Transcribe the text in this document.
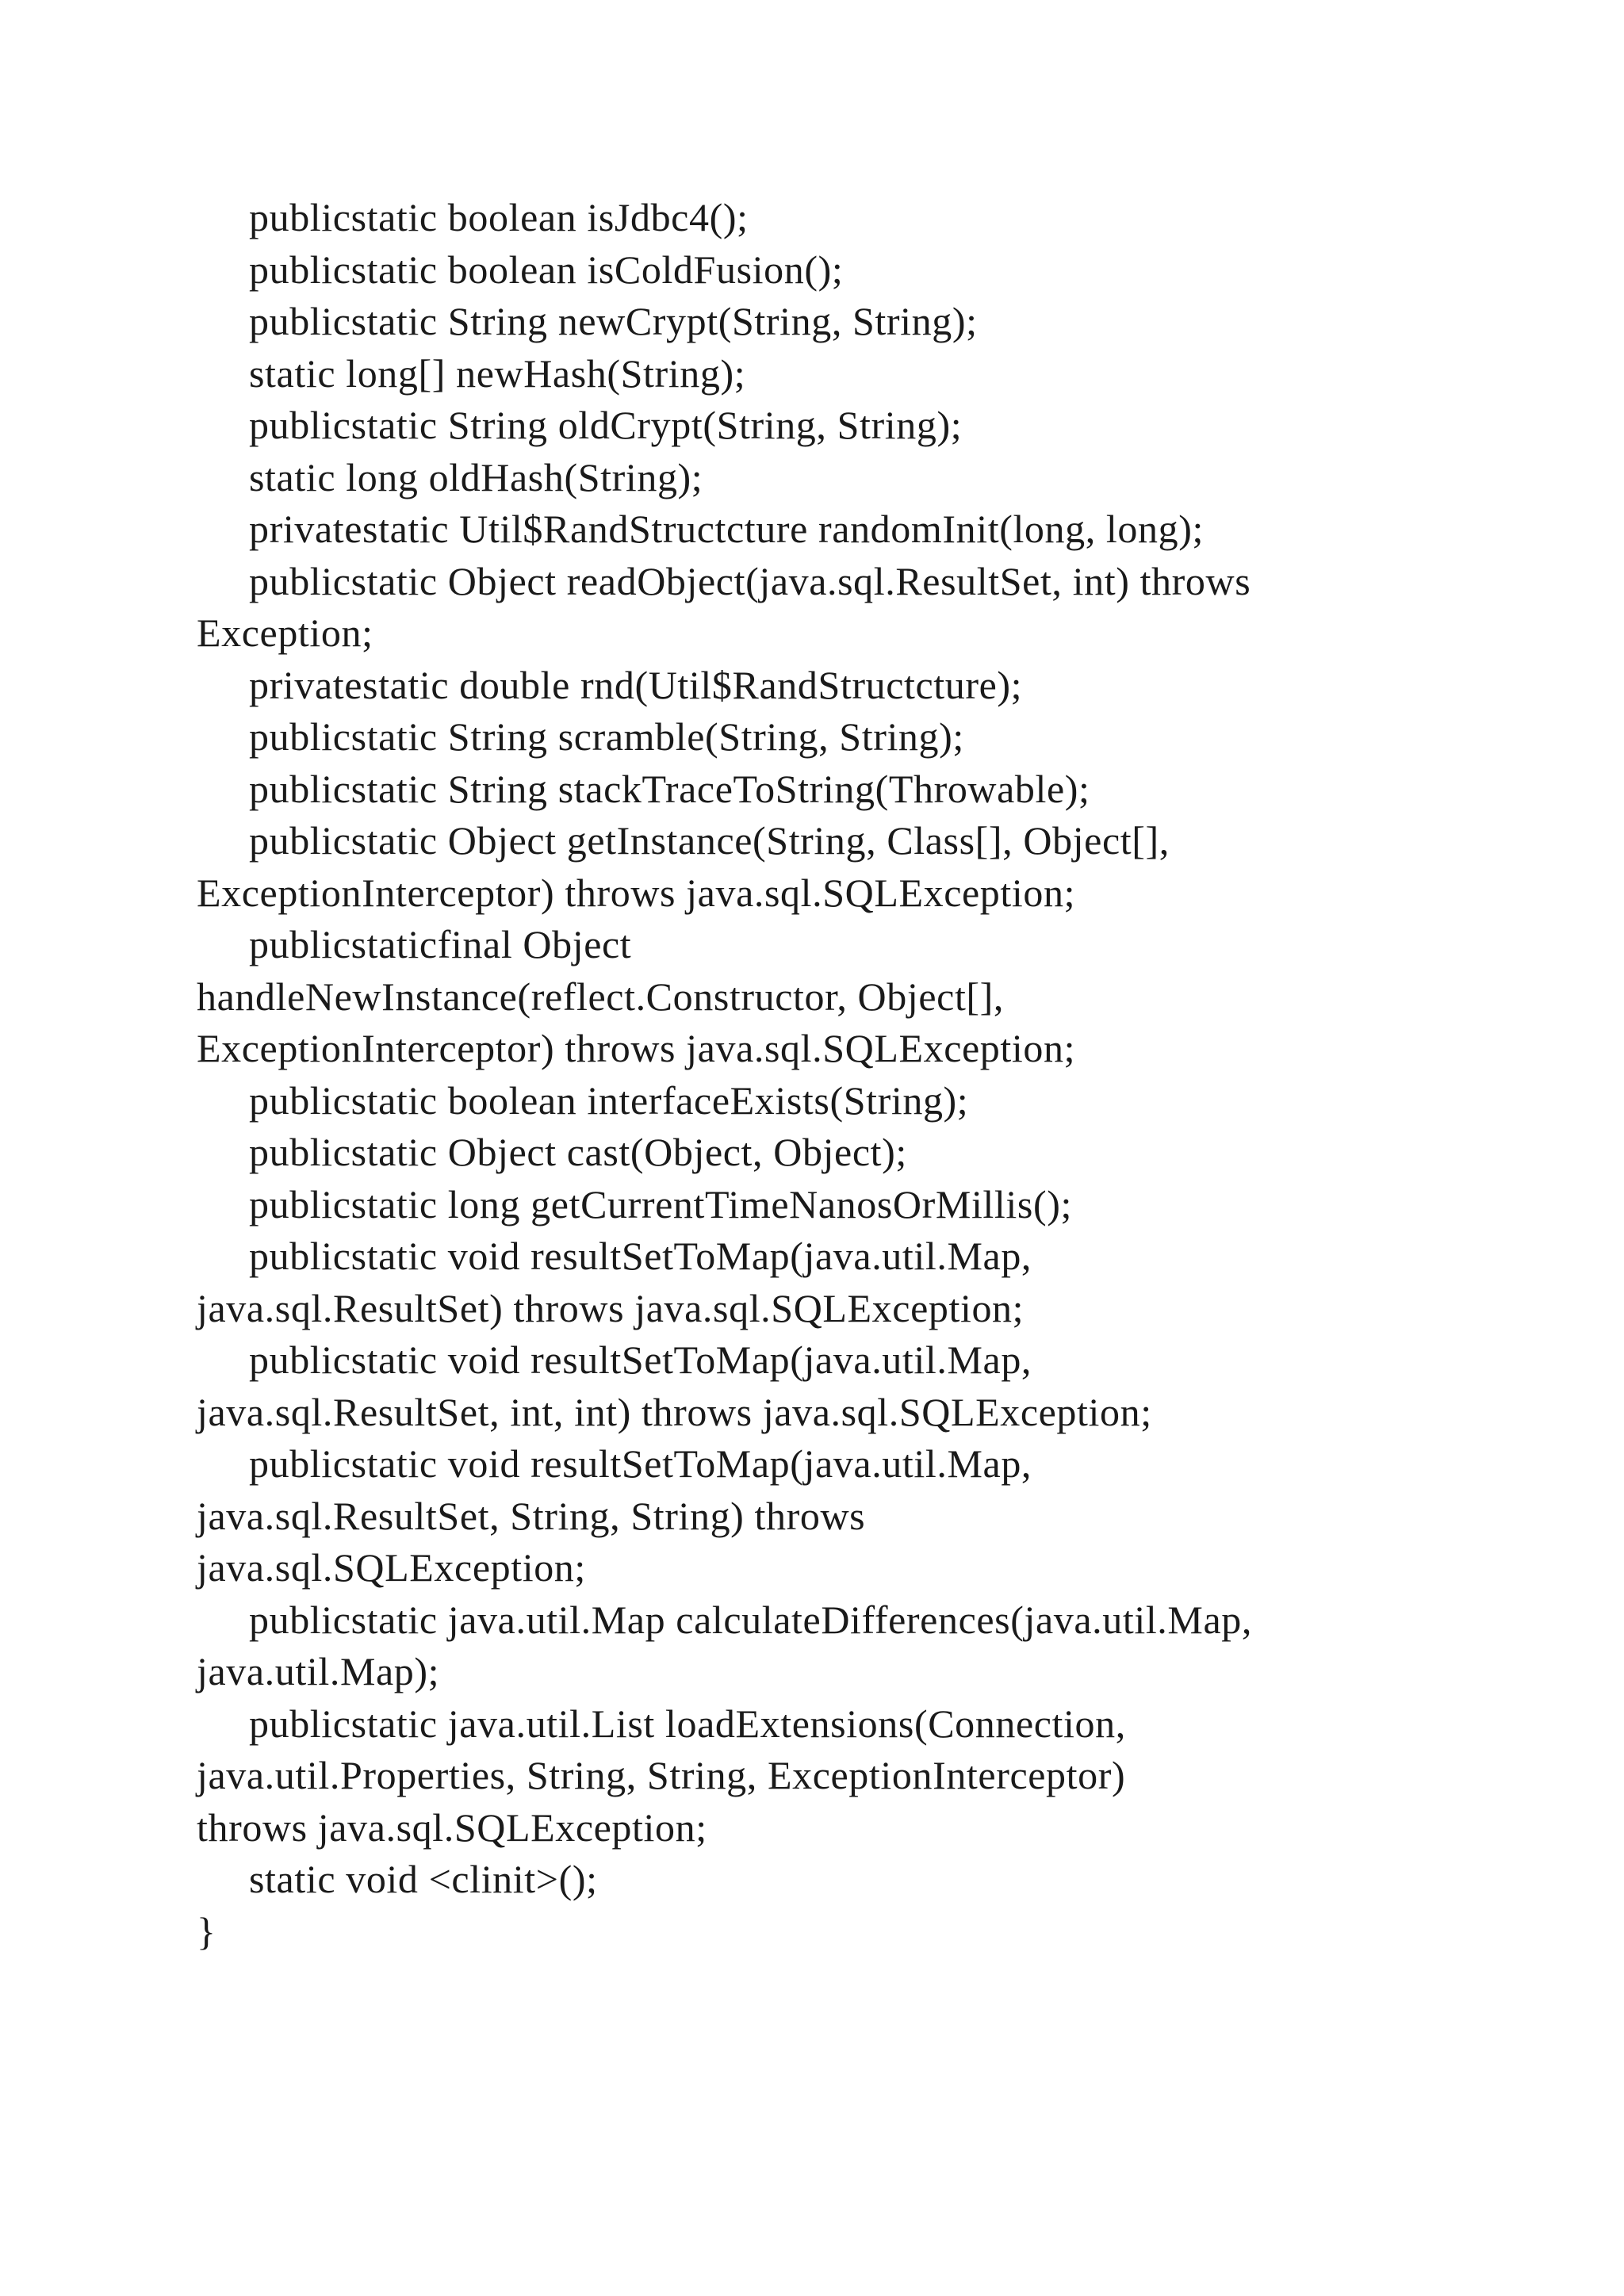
publicstatic boolean isJdbc4();
publicstatic boolean isColdFusion();
publicstatic String newCrypt(String, String);
static long[] newHash(String);
publicstatic String oldCrypt(String, String);
static long oldHash(String);
privatestatic Util$RandStructcture randomInit(long, long);
publicstatic Object readObject(java.sql.ResultSet, int) throws
Exception;
privatestatic double rnd(Util$RandStructcture);
publicstatic String scramble(String, String);
publicstatic String stackTraceToString(Throwable);
publicstatic Object getInstance(String, Class[], Object[],
ExceptionInterceptor) throws java.sql.SQLException;
publicstaticfinal Object
handleNewInstance(reflect.Constructor, Object[],
ExceptionInterceptor) throws java.sql.SQLException;
publicstatic boolean interfaceExists(String);
publicstatic Object cast(Object, Object);
publicstatic long getCurrentTimeNanosOrMillis();
publicstatic void resultSetToMap(java.util.Map,
java.sql.ResultSet) throws java.sql.SQLException;
publicstatic void resultSetToMap(java.util.Map,
java.sql.ResultSet, int, int) throws java.sql.SQLException;
publicstatic void resultSetToMap(java.util.Map,
java.sql.ResultSet, String, String) throws
java.sql.SQLException;
publicstatic java.util.Map calculateDifferences(java.util.Map,
java.util.Map);
publicstatic java.util.List loadExtensions(Connection,
java.util.Properties, String, String, ExceptionInterceptor)
throws java.sql.SQLException;
static void <clinit>();
}
